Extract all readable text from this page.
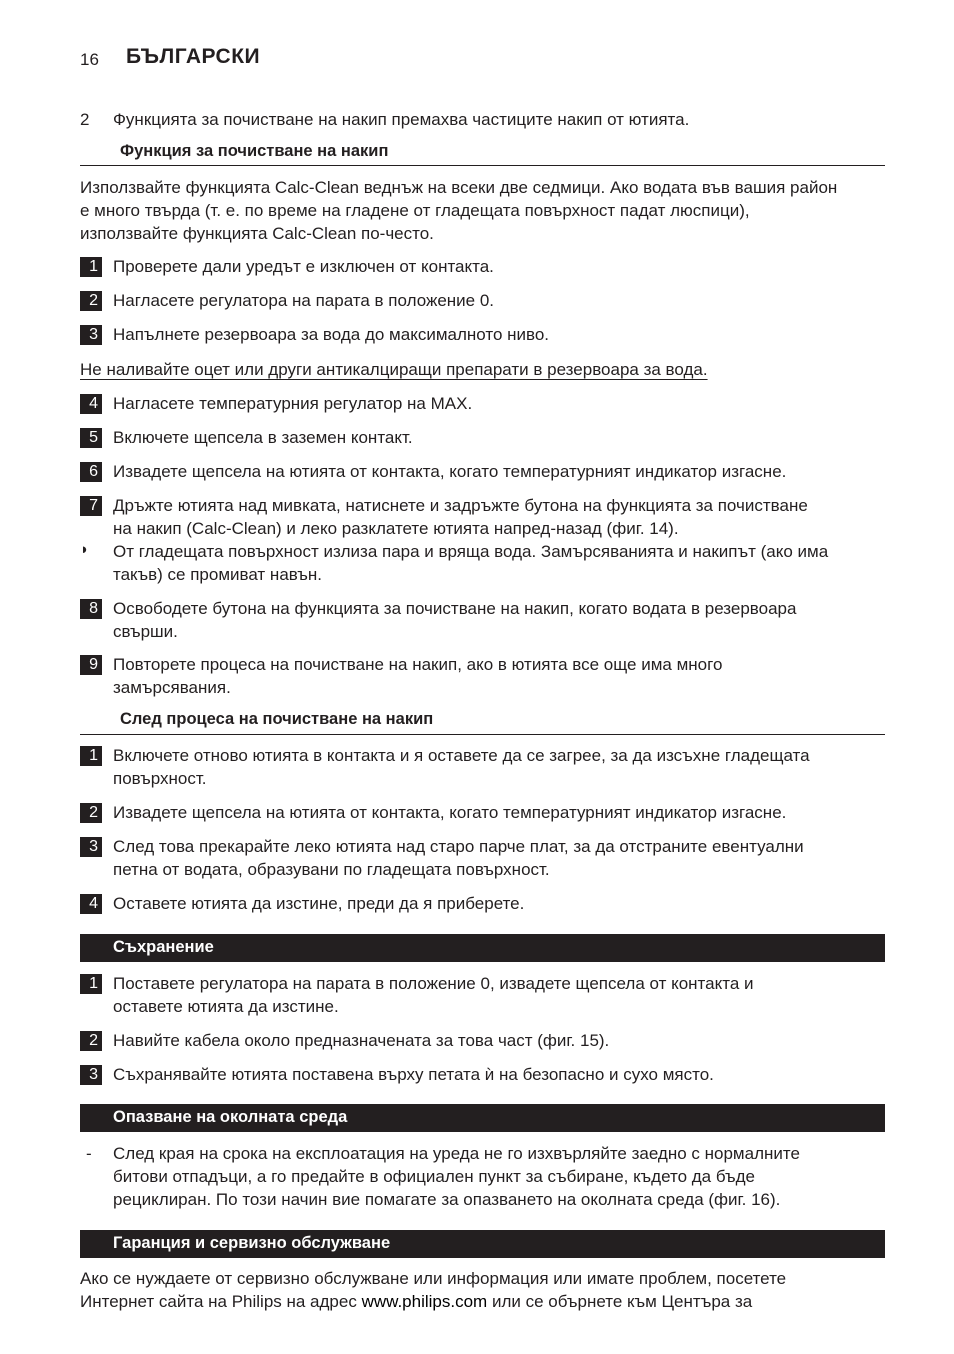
16 БЪЛГАРСКИ
2 Функцията за почистване на накип премахва частиците накип от ютията.
Функция за почистване на накип
Използвайте функцията Calc-Clean веднъж на всеки две седмици. Ако водата във вашия район
е много твърда (т. е. по време на гладене от гладещата повърхност падат люспици),
използвайте функцията Calc-Clean по-често.
1 Проверете дали уредът е изключен от контакта.
2 Нагласете регулатора на парата в положение 0.
3 Напълнете резервоара за вода до максималното ниво.
Не наливайте оцет или други антикалциращи препарати в резервоара за вода.
4 Нагласете температурния регулатор на MAX.
5 Включете щепсела в заземен контакт.
6 Извадете щепсела на ютията от контакта, когато температурният индикатор изгасне.
7 Дръжте ютията над мивката, натиснете и задръжте бутона на функцията за почистване
на накип (Calc-Clean) и леко разклатете ютията напред-назад (фиг. 14).
◗ От гладещата повърхност излиза пара и вряща вода. Замърсяванията и накипът (ако има
такъв) се промиват навън.
8 Освободете бутона на функцията за почистване на накип, когато водата в резервоара
свърши.
9 Повторете процеса на почистване на накип, ако в ютията все още има много
замърсявания.
След процеса на почистване на накип
1 Включете отново ютията в контакта и я оставете да се загрее, за да изсъхне гладещата
повърхност.
2 Извадете щепсела на ютията от контакта, когато температурният индикатор изгасне.
3 След това прекарайте леко ютията над старо парче плат, за да отстраните евентуални
петна от водата, образувани по гладещата повърхност.
4 Оставете ютията да изстине, преди да я приберете.
Съхранение
1 Поставете регулатора на парата в положение 0, извадете щепсела от контакта и
оставете ютията да изстине.
2 Навийте кабела около предназначената за това част (фиг. 15).
3 Съхранявайте ютията поставена върху петата ѝ на безопасно и сухо място.
Опазване на околната среда
- След края на срока на експлоатация на уреда не го изхвърляйте заедно с нормалните
битови отпадъци, а го предайте в официален пункт за събиране, където да бъде
рециклиран. По този начин вие помагате за опазването на околната среда (фиг. 16).
Гаранция и сервизно обслужване
Ако се нуждаете от сервизно обслужване или информация или имате проблем, посетете
Интернет сайта на Philips на адрес www.philips.com или се обърнете към Центъра за
